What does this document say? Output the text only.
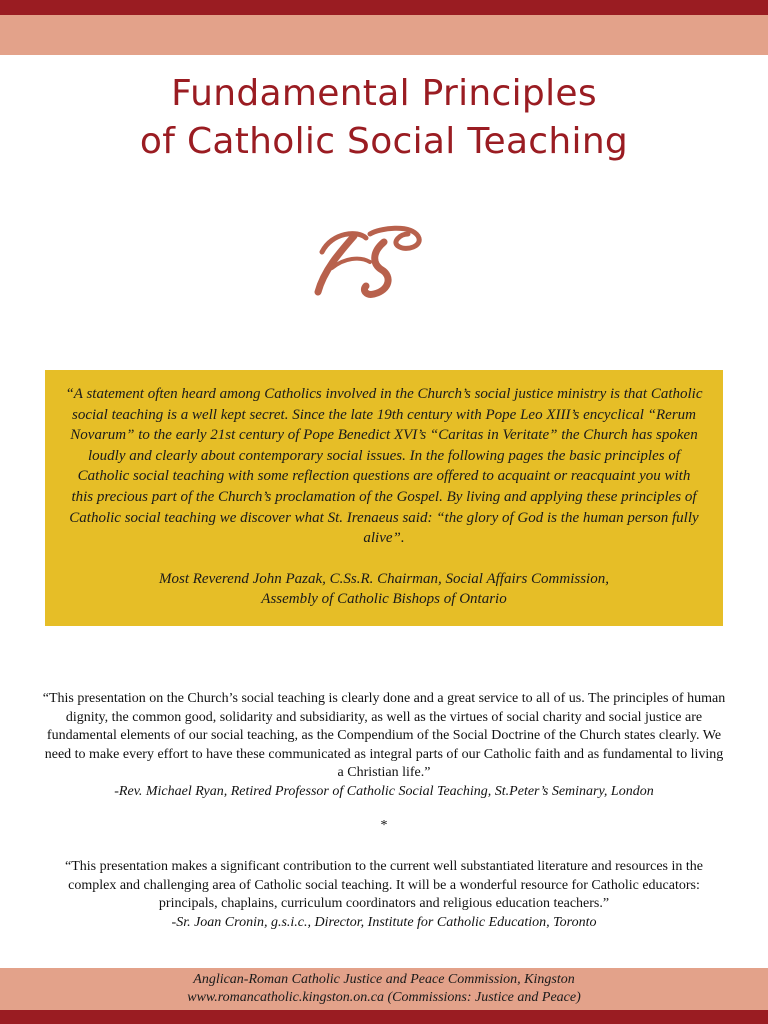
Fundamental Principles
of Catholic Social Teaching
“A statement often heard among Catholics involved in the Church’s social justice ministry is that Catholic social teaching is a well kept secret. Since the late 19th century with Pope Leo XIII’s encyclical “Rerum Novarum” to the early 21st century of Pope Benedict XVI’s “Caritas in Veritate” the Church has spoken loudly and clearly about contemporary social issues. In the following pages the basic principles of Catholic social teaching with some reflection questions are offered to acquaint or reacquaint you with this precious part of the Church’s proclamation of the Gospel. By living and applying these principles of Catholic social teaching we discover what St. Irenaeus said: “the glory of God is the human person fully alive”.
Most Reverend John Pazak, C.Ss.R. Chairman, Social Affairs Commission,
Assembly of Catholic Bishops of Ontario
“This presentation on the Church’s social teaching is clearly done and a great service to all of us. The principles of human dignity, the common good, solidarity and subsidiarity, as well as the virtues of social charity and social justice are fundamental elements of our social teaching, as the Compendium of the Social Doctrine of the Church states clearly. We need to make every effort to have these communicated as integral parts of our Catholic faith and as fundamental to living a Christian life.”
-Rev. Michael Ryan, Retired Professor of Catholic Social Teaching, St.Peter’s Seminary, London
*
“This presentation makes a significant contribution to the current well substantiated literature and resources in the complex and challenging area of Catholic social teaching. It will be a wonderful resource for Catholic educators: principals, chaplains, curriculum coordinators and religious education teachers.”
-Sr. Joan Cronin, g.s.i.c., Director, Institute for Catholic Education, Toronto
Anglican-Roman Catholic Justice and Peace Commission, Kingston
www.romancatholic.kingston.on.ca (Commissions: Justice and Peace)
